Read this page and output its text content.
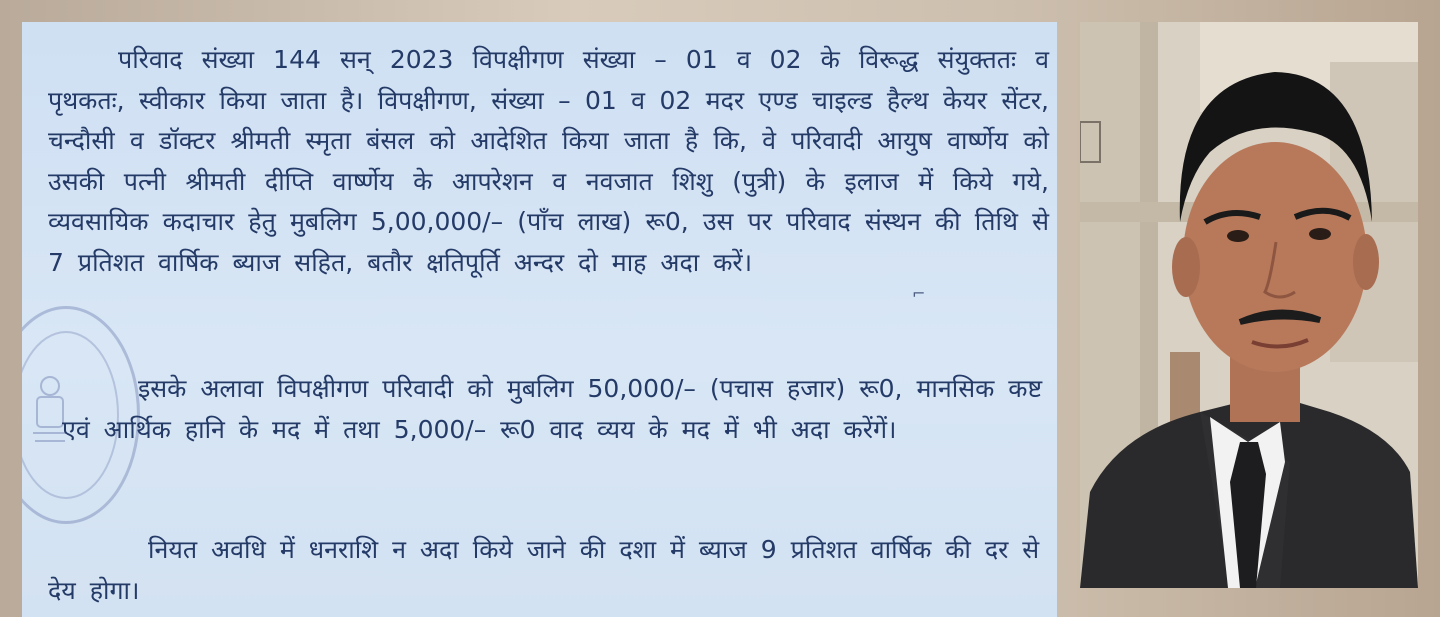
परिवाद संख्या 144 सन् 2023 विपक्षीगण संख्या – 01 व 02 के विरूद्ध संयुक्ततः व पृथकतः, स्वीकार किया जाता है। विपक्षीगण, संख्या – 01 व 02 मदर एण्ड चाइल्ड हैल्थ केयर सेंटर, चन्दौसी व डॉक्टर श्रीमती स्मृता बंसल को आदेशित किया जाता है कि, वे परिवादी आयुष वार्ष्णेय को उसकी पत्नी श्रीमती दीप्ति वार्ष्णेय के आपरेशन व नवजात शिशु (पुत्री) के इलाज में किये गये, व्यवसायिक कदाचार हेतु मुबलिग 5,00,000/– (पाँच लाख) रू0, उस पर परिवाद संस्थन की तिथि से 7 प्रतिशत वार्षिक ब्याज सहित, बतौर क्षतिपूर्ति अन्दर दो माह अदा करें।
इसके अलावा विपक्षीगण परिवादी को मुबलिग 50,000/– (पचास हजार) रू0, मानसिक कष्ट एवं आर्थिक हानि के मद में तथा 5,000/– रू0 वाद व्यय के मद में भी अदा करेंगें।
नियत अवधि में धनराशि न अदा किये जाने की दशा में ब्याज 9 प्रतिशत वार्षिक की दर से देय होगा।
⌐
